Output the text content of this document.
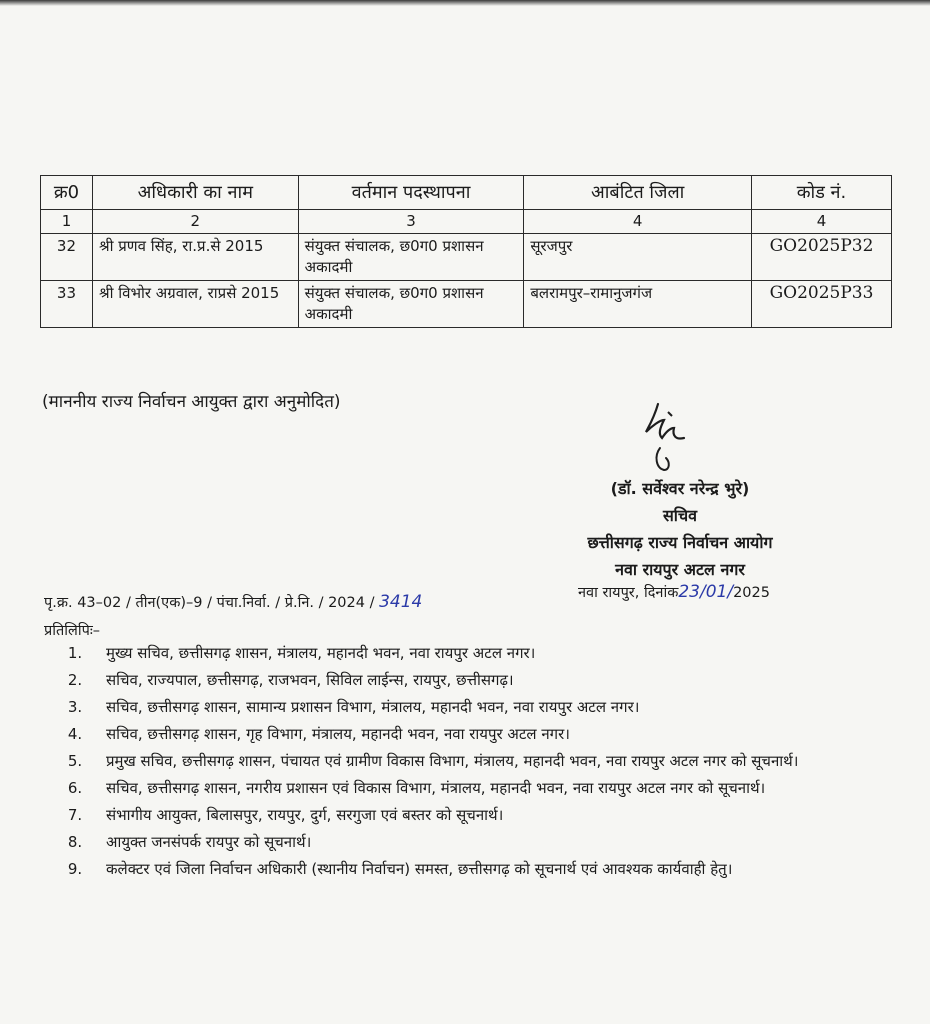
क्र0	अधिकारी का नाम	वर्तमान पदस्थापना	आबंटित जिला	कोड नं.
1	2	3	4	4
32	श्री प्रणव सिंह, रा.प्र.से 2015	संयुक्त संचालक, छ0ग0 प्रशासन अकादमी	सूरजपुर	GO2025P32
33	श्री विभोर अग्रवाल, राप्रसे 2015	संयुक्त संचालक, छ0ग0 प्रशासन अकादमी	बलरामपुर–रामानुजगंज	GO2025P33
(माननीय राज्य निर्वाचन आयुक्त द्वारा अनुमोदित)
(डॉ. सर्वेश्वर नरेन्द्र भुरे)
सचिव
छत्तीसगढ़ राज्य निर्वाचन आयोग
नवा रायपुर अटल नगर
पृ.क्र. 43–02 / तीन(एक)–9 / पंचा.निर्वा. / प्रे.नि. / 2024 / 3414	नवा रायपुर, दिनांक23/01/2025
प्रतिलिपिः–
1.	मुख्य सचिव, छत्तीसगढ़ शासन, मंत्रालय, महानदी भवन, नवा रायपुर अटल नगर।
2.	सचिव, राज्यपाल, छत्तीसगढ़, राजभवन, सिविल लाईन्स, रायपुर, छत्तीसगढ़।
3.	सचिव, छत्तीसगढ़ शासन, सामान्य प्रशासन विभाग, मंत्रालय, महानदी भवन, नवा रायपुर अटल नगर।
4.	सचिव, छत्तीसगढ़ शासन, गृह विभाग, मंत्रालय, महानदी भवन, नवा रायपुर अटल नगर।
5.	प्रमुख सचिव, छत्तीसगढ़ शासन, पंचायत एवं ग्रामीण विकास विभाग, मंत्रालय, महानदी भवन, नवा रायपुर अटल नगर को सूचनार्थ।
6.	सचिव, छत्तीसगढ़ शासन, नगरीय प्रशासन एवं विकास विभाग, मंत्रालय, महानदी भवन, नवा रायपुर अटल नगर को सूचनार्थ।
7.	संभागीय आयुक्त, बिलासपुर, रायपुर, दुर्ग, सरगुजा एवं बस्तर को सूचनार्थ।
8.	आयुक्त जनसंपर्क रायपुर को सूचनार्थ।
9.	कलेक्टर एवं जिला निर्वाचन अधिकारी (स्थानीय निर्वाचन) समस्त, छत्तीसगढ़ को सूचनार्थ एवं आवश्यक कार्यवाही हेतु।
